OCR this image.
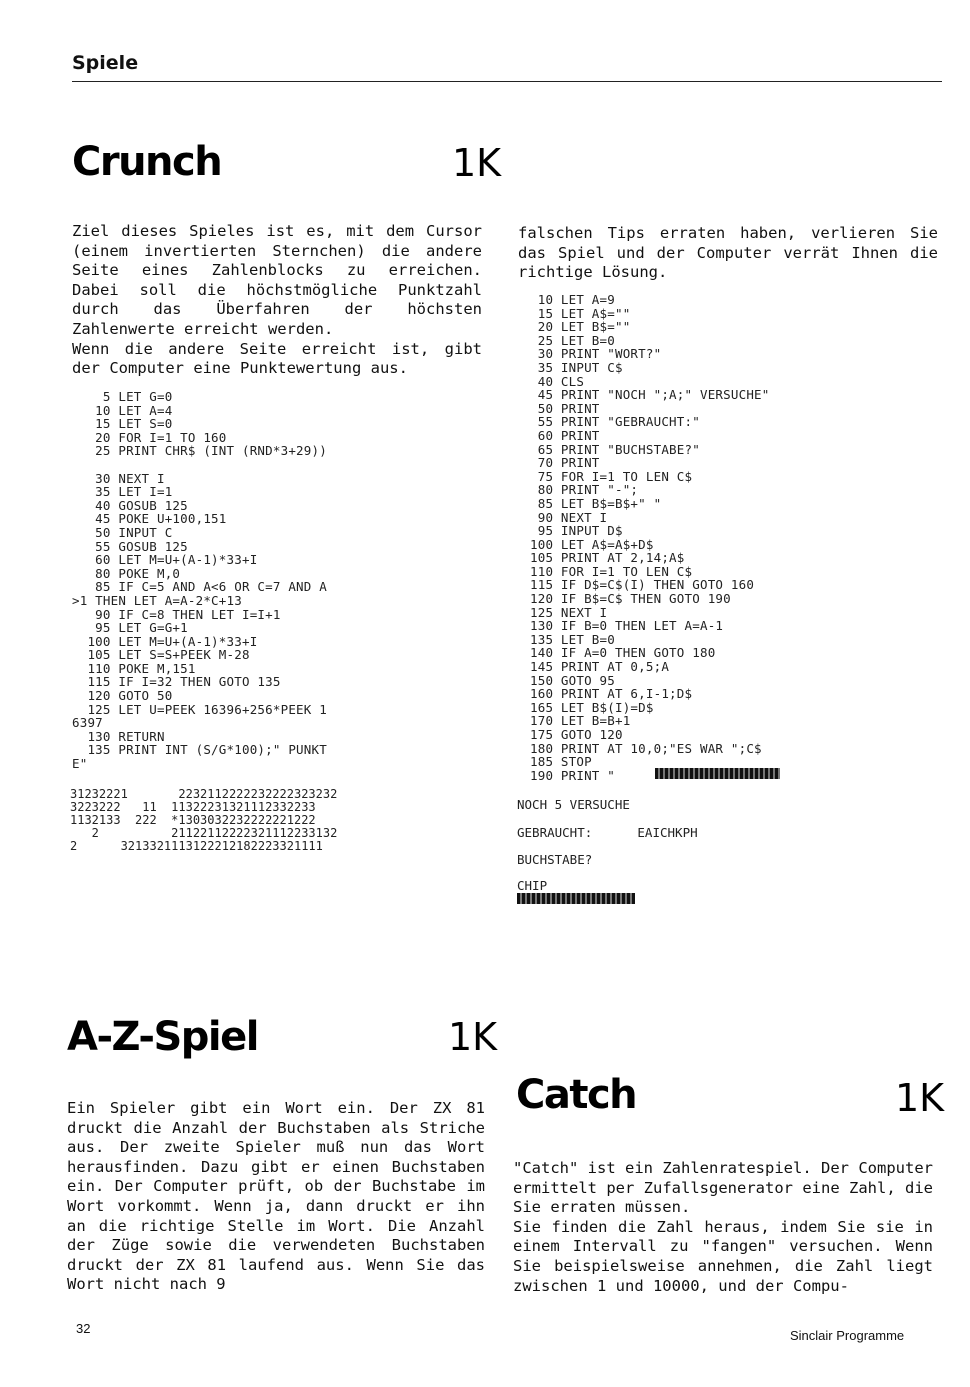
Spiele
Crunch	1K
Ziel dieses Spieles ist es, mit dem Cursor (einem invertierten Sternchen) die andere Seite eines Zahlenblocks zu erreichen. Dabei soll die höchstmögliche Punktzahl durch das Überfahren der höchsten Zahlenwerte erreicht werden.
Wenn die andere Seite erreicht ist, gibt der Computer eine Punktewertung aus.
5 LET G=0
10 LET A=4
15 LET S=0
20 FOR I=1 TO 160
25 PRINT CHR$ (INT (RND*3+29))

30 NEXT I
35 LET I=1
40 GOSUB 125
45 POKE U+100,151
50 INPUT C
55 GOSUB 125
60 LET M=U+(A-1)*33+I
80 POKE M,0
85 IF C=5 AND A<6 OR C=7 AND A
>1 THEN LET A=A-2*C+13
90 IF C=8 THEN LET I=I+1
95 LET G=G+1
100 LET M=U+(A-1)*33+I
105 LET S=S+PEEK M-28
110 POKE M,151
115 IF I=32 THEN GOTO 135
120 GOTO 50
125 LET U=PEEK 16396+256*PEEK 1
6397
130 RETURN
135 PRINT INT (S/G*100);" PUNKT
E"
31232221       2232112222232222323232
3223222   11  11322231321112332233
1132133  222  *1303032232222221222
2          21122112222321112233132
2      3213321113122212182223321111
falschen Tips erraten haben, verlieren Sie das Spiel und der Computer verrät Ihnen die richtige Lösung.
10 LET A=9
15 LET A$=""
20 LET B$=""
25 LET B=0
30 PRINT "WORT?"
35 INPUT C$
40 CLS
45 PRINT "NOCH ";A;" VERSUCHE"
50 PRINT
55 PRINT "GEBRAUCHT:"
60 PRINT
65 PRINT "BUCHSTABE?"
70 PRINT
75 FOR I=1 TO LEN C$
80 PRINT "-";
85 LET B$=B$+" "
90 NEXT I
95 INPUT D$
100 LET A$=A$+D$
105 PRINT AT 2,14;A$
110 FOR I=1 TO LEN C$
115 IF D$=C$(I) THEN GOTO 160
120 IF B$=C$ THEN GOTO 190
125 NEXT I
130 IF B=0 THEN LET A=A-1
135 LET B=0
140 IF A=0 THEN GOTO 180
145 PRINT AT 0,5;A
150 GOTO 95
160 PRINT AT 6,I-1;D$
165 LET B$(I)=D$
170 LET B=B+1
175 GOTO 120
180 PRINT AT 10,0;"ES WAR ";C$
185 STOP
190 PRINT "
NOCH 5 VERSUCHE
GEBRAUCHT:      EAICHKPH
BUCHSTABE?
CHIP
A-Z-Spiel	1K
Ein Spieler gibt ein Wort ein. Der ZX 81 druckt die Anzahl der Buchstaben als Striche aus. Der zweite Spieler muß nun das Wort herausfinden. Dazu gibt er einen Buchstaben ein. Der Computer prüft, ob der Buchstabe im Wort vorkommt. Wenn ja, dann druckt er ihn an die richtige Stelle im Wort. Die Anzahl der Züge sowie die verwendeten Buchstaben druckt der ZX 81 laufend aus. Wenn Sie das Wort nicht nach 9
Catch	1K
"Catch" ist ein Zahlenratespiel. Der Computer ermittelt per Zufallsgenerator eine Zahl, die Sie erraten müssen.
Sie finden die Zahl heraus, indem Sie sie in einem Intervall zu "fangen" versuchen. Wenn Sie beispielsweise annehmen, die Zahl liegt zwischen 1 und 10000, und der Compu-
32	Sinclair Programme
